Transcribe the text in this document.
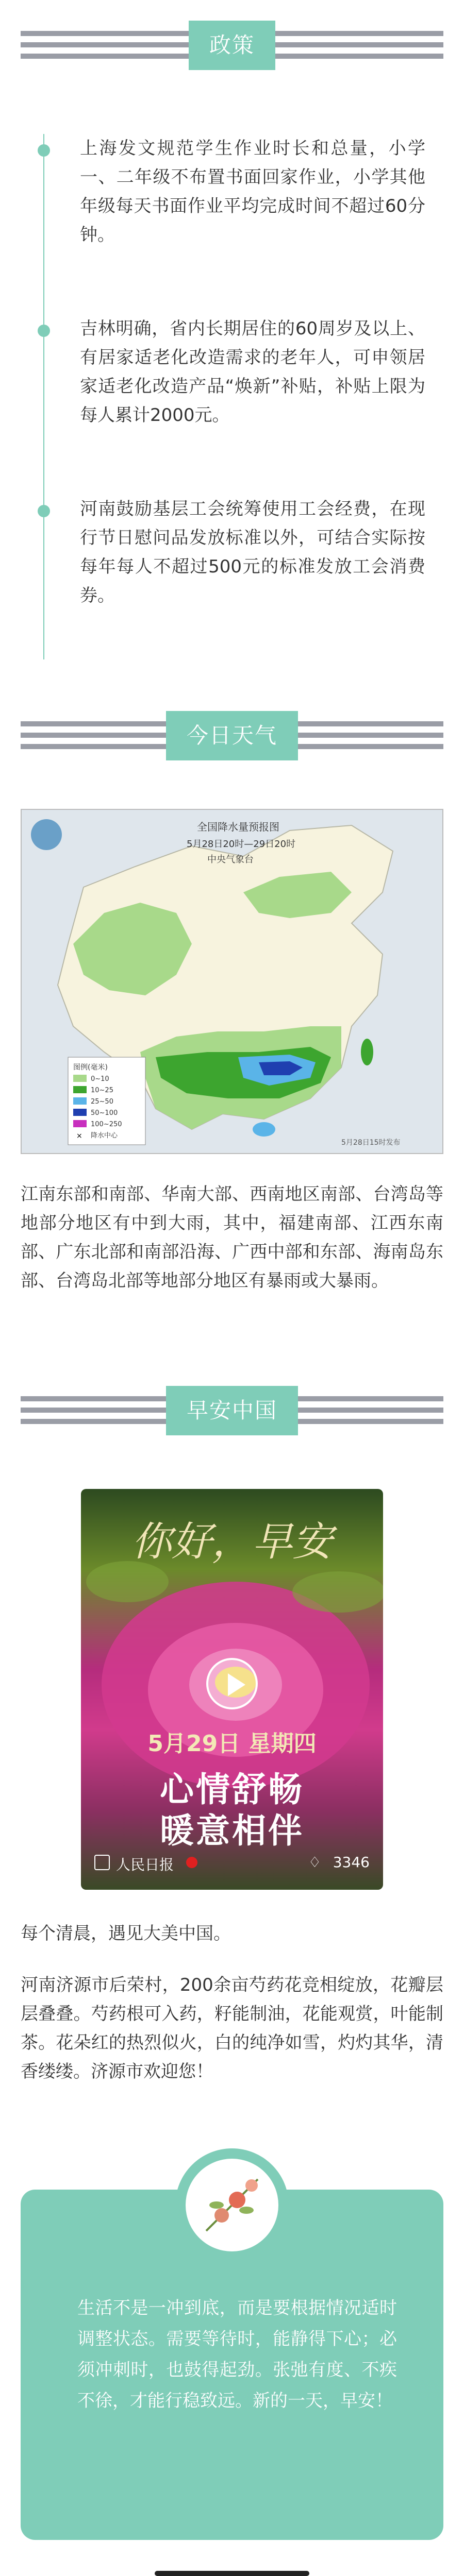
政策
上海发文规范学生作业时长和总量，小学一、二年级不布置书面回家作业，小学其他年级每天书面作业平均完成时间不超过60分钟。
吉林明确，省内长期居住的60周岁及以上、有居家适老化改造需求的老年人，可申领居家适老化改造产品“焕新”补贴，补贴上限为每人累计2000元。
河南鼓励基层工会统筹使用工会经费，在现行节日慰问品发放标准以外，可结合实际按每年每人不超过500元的标准发放工会消费券。
今日天气
全国降水量预报图
5月28日20时—29日20时
中央气象台
图例(毫米)
0~10
10~25
25~50
50~100
100~250
× 降水中心
5月28日15时发布
江南东部和南部、华南大部、西南地区南部、台湾岛等地部分地区有中到大雨，其中，福建南部、江西东南部、广东北部和南部沿海、广西中部和东部、海南岛东部、台湾岛北部等地部分地区有暴雨或大暴雨。
早安中国
你好，早安
5月29日 星期四
心情舒畅
暖意相伴
人民日报	♢ 3346
每个清晨，遇见大美中国。
河南济源市后荣村，200余亩芍药花竞相绽放，花瓣层层叠叠。芍药根可入药，籽能制油，花能观赏，叶能制茶。花朵红的热烈似火，白的纯净如雪，灼灼其华，清香缕缕。济源市欢迎您！
生活不是一冲到底，而是要根据情况适时调整状态。需要等待时，能静得下心；必须冲刺时，也鼓得起劲。张弛有度、不疾不徐，才能行稳致远。新的一天，早安！
